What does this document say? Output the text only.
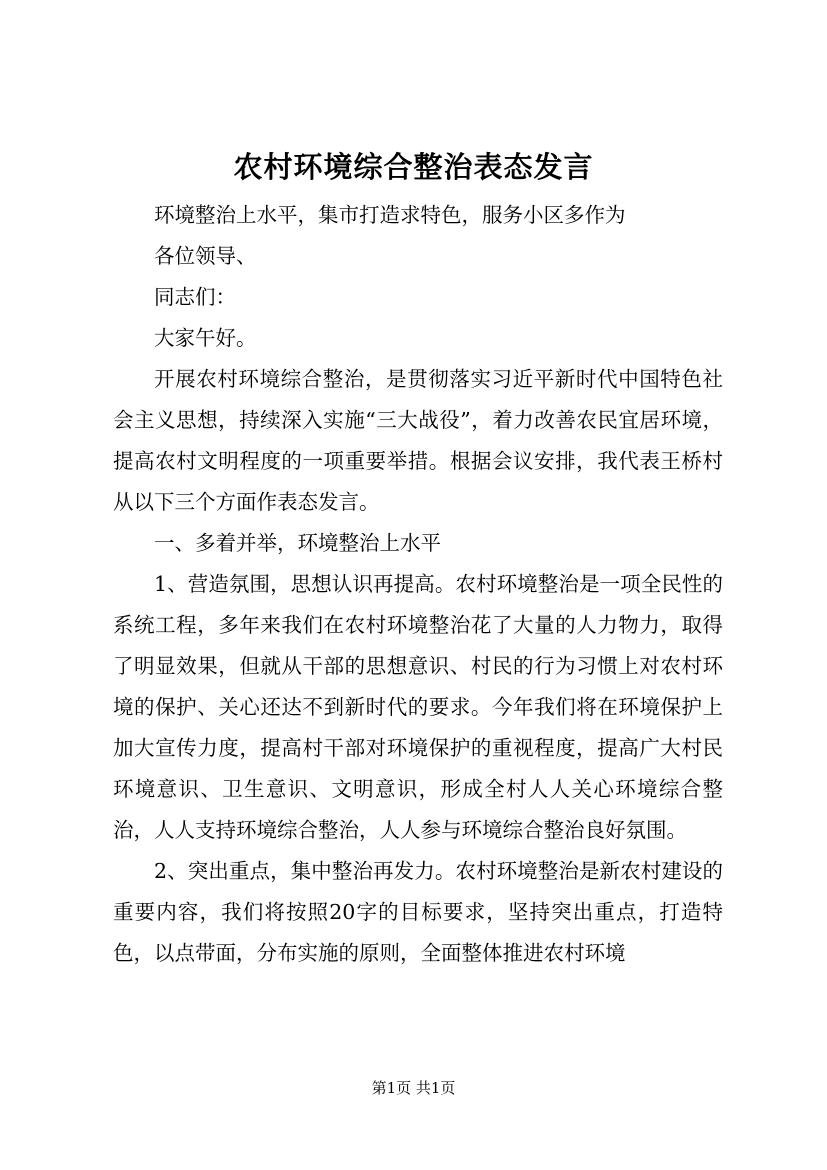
农村环境综合整治表态发言

环境整治上水平，集市打造求特色，服务小区多作为

各位领导、

同志们：

大家午好。

开展农村环境综合整治，是贯彻落实习近平新时代中国特色社会主义思想，持续深入实施“三大战役”，着力改善农民宜居环境，提高农村文明程度的一项重要举措。根据会议安排，我代表王桥村从以下三个方面作表态发言。

一、多着并举，环境整治上水平

1、营造氛围，思想认识再提高。农村环境整治是一项全民性的系统工程，多年来我们在农村环境整治花了大量的人力物力，取得了明显效果，但就从干部的思想意识、村民的行为习惯上对农村环境的保护、关心还达不到新时代的要求。今年我们将在环境保护上加大宣传力度，提高村干部对环境保护的重视程度，提高广大村民环境意识、卫生意识、文明意识，形成全村人人关心环境综合整治，人人支持环境综合整治，人人参与环境综合整治良好氛围。

2、突出重点，集中整治再发力。农村环境整治是新农村建设的重要内容，我们将按照20字的目标要求，坚持突出重点，打造特色，以点带面，分布实施的原则，全面整体推进农村环境

第1页 共1页
